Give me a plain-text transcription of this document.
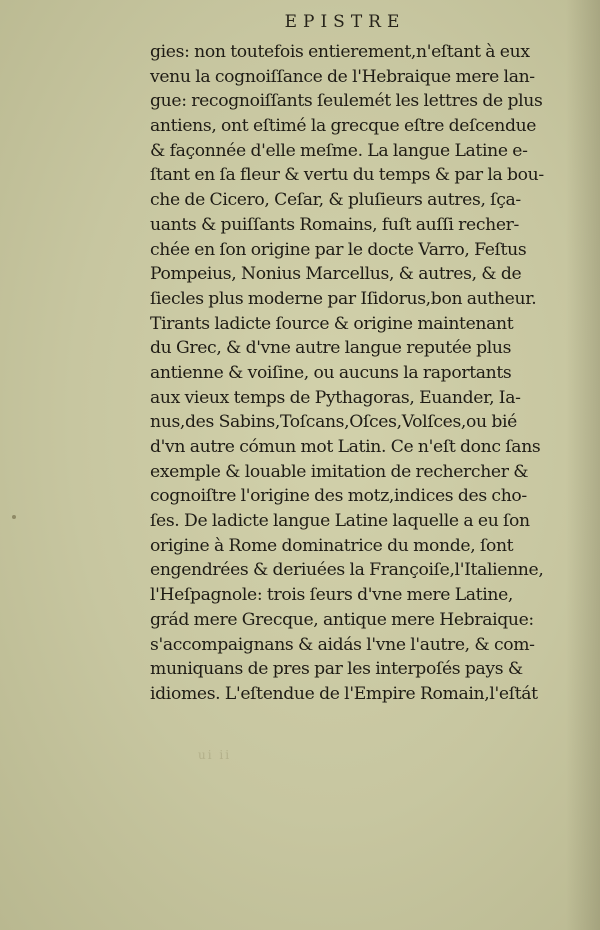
EPISTRE
gies: non toutefois entierement,n'eſtant à eux
venu la cognoiſſance de l'Hebraique mere lan-
gue: recognoiſſants ſeulemét les lettres de plus
antiens, ont eſtimé la grecque eſtre deſcendue
& façonnée d'elle meſme. La langue Latine e-
ſtant en ſa fleur & vertu du temps & par la bou-
che de Cicero, Ceſar, & pluſieurs autres, ſça-
uants & puiſſants Romains, fuſt auſſi recher-
chée en ſon origine par le docte Varro, Feſtus
Pompeius, Nonius Marcellus, & autres, & de
ſiecles plus moderne par Iſidorus,bon autheur.
Tirants ladicte ſource & origine maintenant
du Grec, & d'vne autre langue reputée plus
antienne & voiſine, ou aucuns la raportants
aux vieux temps de Pythagoras, Euander, Ia-
nus,des Sabins,Toſcans,Oſces,Volſces,ou bié
d'vn autre cómun mot Latin. Ce n'eſt donc ſans
exemple & louable imitation de rechercher &
cognoiſtre l'origine des motz,indices des cho-
ſes. De ladicte langue Latine laquelle a eu ſon
origine à Rome dominatrice du monde, ſont
engendrées & deriuées la Françoiſe,l'Italienne,
l'Heſpagnole: trois ſeurs d'vne mere Latine,
grád mere Grecque, antique mere Hebraique:
s'accompaignans & aidás l'vne l'autre, & com-
muniquans de pres par les interpoſés pays &
idiomes. L'eſtendue de l'Empire Romain,l'eſtát
ui ii
